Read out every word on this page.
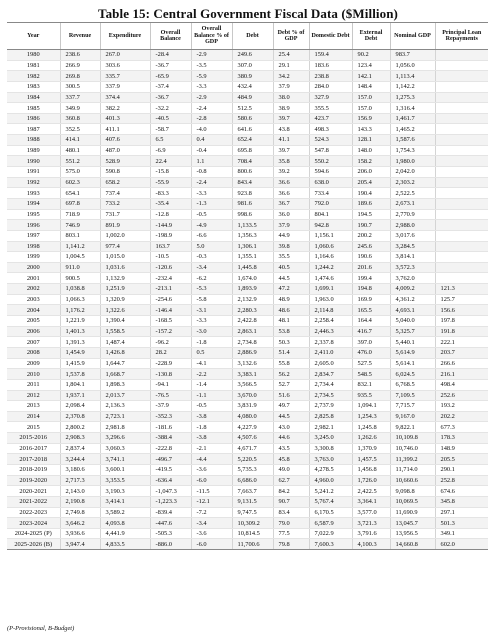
Table 15: Central Government Fiscal Data ($Million)
Year	Revenue	Expenditure	Overall Balance	Overall Balance % of GDP	Debt	Debt % of GDP	Domestic Debt	External Debt	Nominal GDP	Principal Loan Repayments
1980	238.6	267.0	-28.4	-2.9	249.6	25.4	159.4	90.2	983.7	
1981	266.9	303.6	-36.7	-3.5	307.0	29.1	183.6	123.4	1,056.0	
1982	269.8	335.7	-65.9	-5.9	380.9	34.2	238.8	142.1	1,113.4	
1983	300.5	337.9	-37.4	-3.3	432.4	37.9	284.0	148.4	1,142.2	
1984	337.7	374.4	-36.7	-2.9	484.9	38.0	327.9	157.0	1,275.3	
1985	349.9	382.2	-32.2	-2.4	512.5	38.9	355.5	157.0	1,316.4	
1986	360.8	401.3	-40.5	-2.8	580.6	39.7	423.7	156.9	1,461.7	
1987	352.5	411.1	-58.7	-4.0	641.6	43.8	498.3	143.3	1,465.2	
1988	414.1	407.6	6.5	0.4	652.4	41.1	524.3	128.1	1,587.6	
1989	480.1	487.0	-6.9	-0.4	695.8	39.7	547.8	148.0	1,754.3	
1990	551.2	528.9	22.4	1.1	708.4	35.8	550.2	158.2	1,980.0	
1991	575.0	590.8	-15.8	-0.8	800.6	39.2	594.6	206.0	2,042.0	
1992	602.3	658.2	-55.9	-2.4	843.4	36.6	638.0	205.4	2,303.2	
1993	654.1	737.4	-83.3	-3.3	923.8	36.6	733.4	190.4	2,522.5	
1994	697.8	733.2	-35.4	-1.3	981.6	36.7	792.0	189.6	2,673.1	
1995	718.9	731.7	-12.8	-0.5	998.6	36.0	804.1	194.5	2,770.9	
1996	746.9	891.9	-144.9	-4.9	1,133.5	37.9	942.8	190.7	2,988.0	
1997	803.1	1,002.0	-198.9	-6.6	1,356.3	44.9	1,156.1	200.2	3,017.6	
1998	1,141.2	977.4	163.7	5.0	1,306.1	39.8	1,060.6	245.6	3,284.5	
1999	1,004.5	1,015.0	-10.5	-0.3	1,355.1	35.5	1,164.6	190.6	3,814.1	
2000	911.0	1,031.6	-120.6	-3.4	1,445.8	40.5	1,244.2	201.6	3,572.3	
2001	900.5	1,132.9	-232.4	-6.2	1,674.0	44.5	1,474.6	199.4	3,762.0	
2002	1,038.8	1,251.9	-213.1	-5.3	1,893.9	47.2	1,699.1	194.8	4,009.2	121.3
2003	1,066.3	1,320.9	-254.6	-5.8	2,132.9	48.9	1,963.0	169.9	4,361.2	125.7
2004	1,176.2	1,322.6	-146.4	-3.1	2,280.3	48.6	2,114.8	165.5	4,693.1	156.6
2005	1,221.9	1,390.4	-168.5	-3.3	2,422.8	48.1	2,258.4	164.4	5,040.0	197.8
2006	1,401.3	1,558.5	-157.2	-3.0	2,863.1	53.8	2,446.3	416.7	5,325.7	191.8
2007	1,391.3	1,487.4	-96.2	-1.8	2,734.8	50.3	2,337.8	397.0	5,440.1	222.1
2008	1,454.9	1,426.8	28.2	0.5	2,886.9	51.4	2,411.0	476.0	5,614.9	203.7
2009	1,415.9	1,644.7	-228.9	-4.1	3,132.6	55.8	2,605.0	527.5	5,614.1	266.6
2010	1,537.8	1,668.7	-130.8	-2.2	3,383.1	56.2	2,834.7	548.5	6,024.5	216.1
2011	1,804.1	1,898.3	-94.1	-1.4	3,566.5	52.7	2,734.4	832.1	6,768.5	498.4
2012	1,937.1	2,013.7	-76.5	-1.1	3,670.0	51.6	2,734.5	935.5	7,109.5	252.6
2013	2,098.4	2,136.3	-37.9	-0.5	3,831.9	49.7	2,737.9	1,094.1	7,715.7	193.2
2014	2,370.8	2,723.1	-352.3	-3.8	4,080.0	44.5	2,825.8	1,254.3	9,167.0	202.2
2015	2,800.2	2,981.8	-181.6	-1.8	4,227.9	43.0	2,982.1	1,245.8	9,822.1	677.3
2015-2016	2,908.3	3,296.6	-388.4	-3.8	4,507.6	44.6	3,245.0	1,262.6	10,109.8	178.3
2016-2017	2,837.4	3,060.3	-222.8	-2.1	4,671.7	43.5	3,300.8	1,370.9	10,746.0	148.9
2017-2018	3,244.4	3,741.1	-496.7	-4.4	5,220.5	45.8	3,763.0	1,457.5	11,399.2	205.5
2018-2019	3,180.6	3,600.1	-419.5	-3.6	5,735.3	49.0	4,278.5	1,456.8	11,714.0	290.1
2019-2020	2,717.3	3,353.5	-636.4	-6.0	6,686.0	62.7	4,960.0	1,726.0	10,660.6	252.8
2020-2021	2,143.0	3,190.3	-1,047.3	-11.5	7,663.7	84.2	5,241.2	2,422.5	9,098.8	674.6
2021-2022	2,190.8	3,414.1	-1,223.3	-12.1	9,131.5	90.7	5,767.4	3,364.1	10,069.5	345.8
2022-2023	2,749.8	3,589.2	-839.4	-7.2	9,747.5	83.4	6,170.5	3,577.0	11,690.9	297.1
2023-2024	3,646.2	4,093.8	-447.6	-3.4	10,309.2	79.0	6,587.9	3,721.3	13,045.7	501.3
2024-2025 (P)	3,936.6	4,441.9	-505.3	-3.6	10,814.5	77.5	7,022.9	3,791.6	13,956.5	349.1
2025-2026 (B)	3,947.4	4,833.5	-886.0	-6.0	11,700.6	79.8	7,600.3	4,100.3	14,660.8	602.0
(P-Provisional, B-Budget)
